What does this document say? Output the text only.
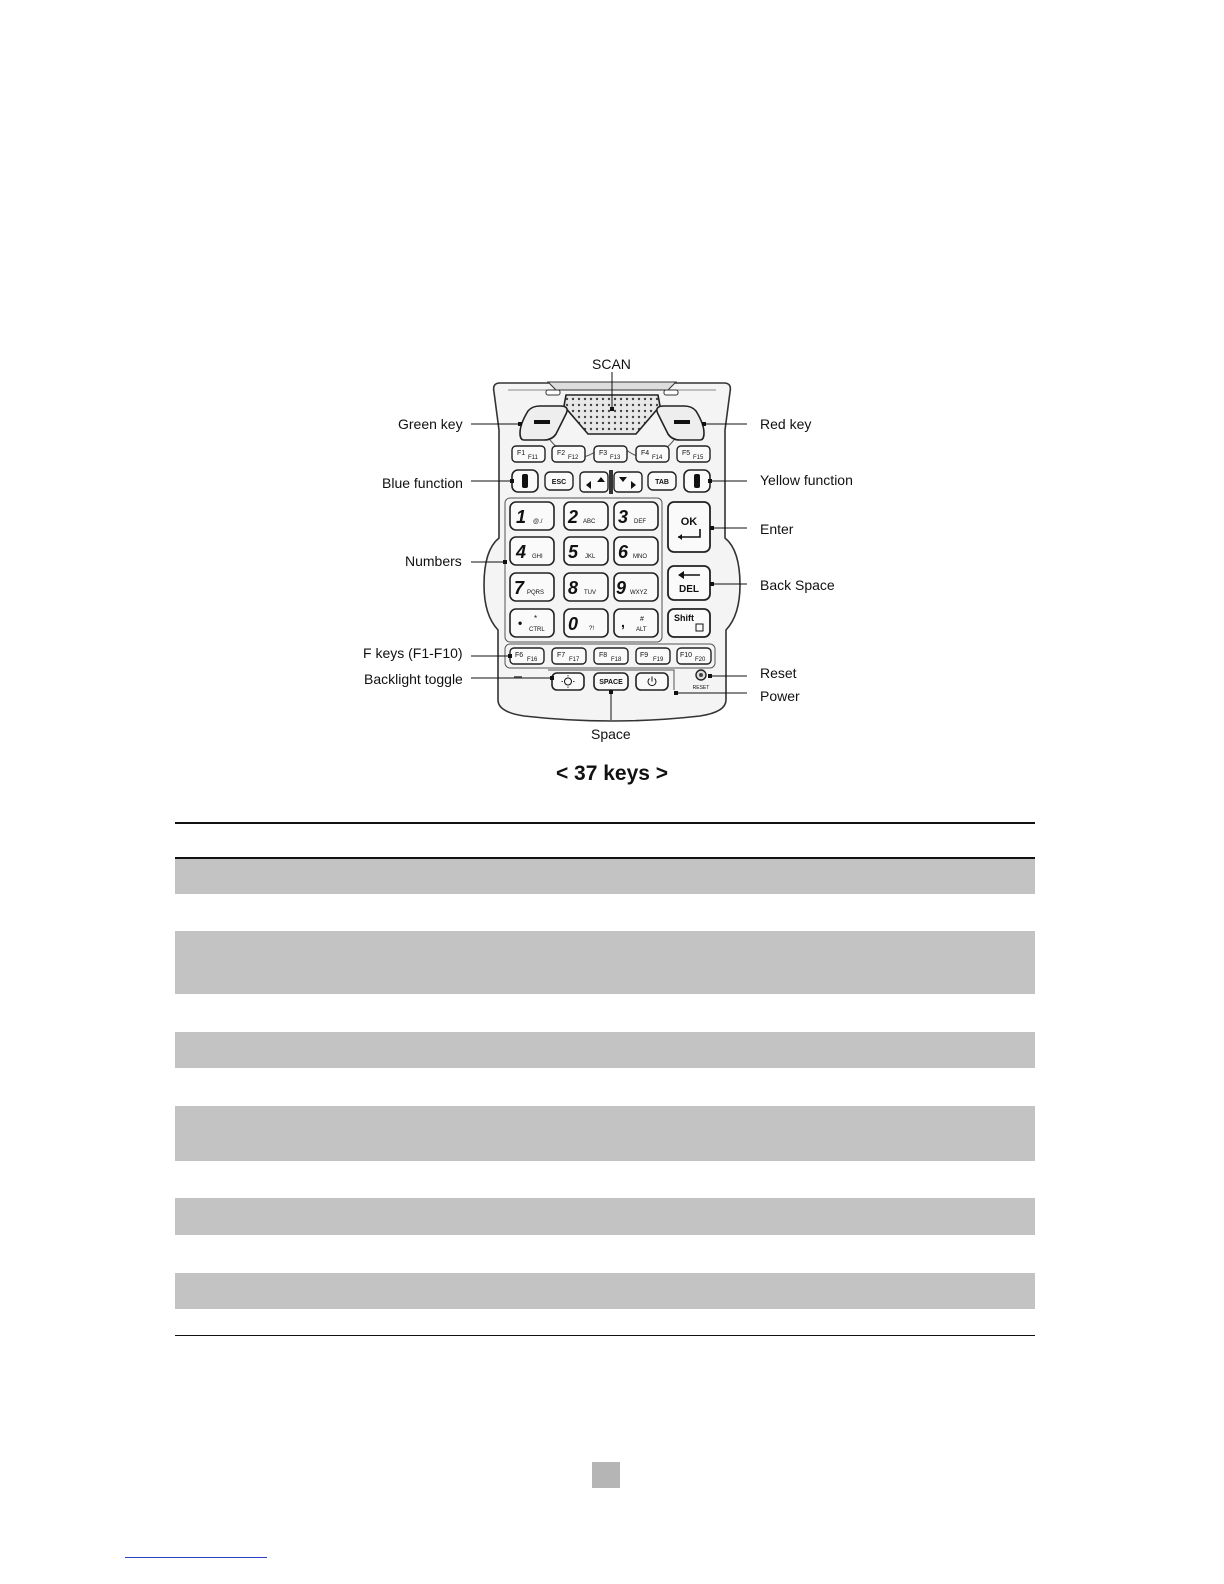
F1
F11
F2
F12
F3
F13
F4
F14
F5
F15
ESC	TAB
1 @./ 2 ABC 3 DEF
4 GHI 5 JKL 6 MNO
7 PQRS 8 TUV 9 WXYZ
• *
CTRL 0 ?! , #
ALT
OK
DEL
Shift
F6
F16
F7
F17
F8
F18
F9
F19
F10
F20
SPACE
RESET
SCAN
Green key	Red key
Blue function	Yellow function
Enter
Numbers
Back Space
F keys (F1-F10)
Backlight toggle	Reset
Power
Space
< 37 keys >
